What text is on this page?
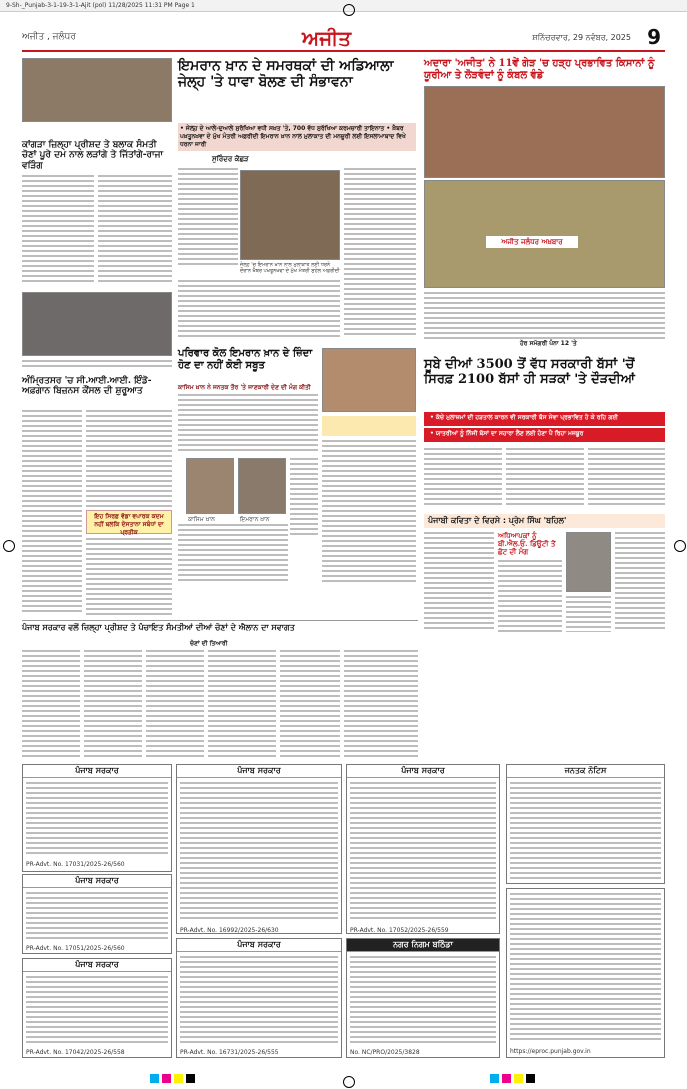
9-Sh-_Punjab-3-1-19-3-1-Ajit (pol) 11/28/2025 11:31 PM Page 1
ਅਜੀਤ , ਜਲੰਧਰ	ਅਜੀਤ	ਸ਼ਨਿੱਚਰਵਾਰ, 29 ਨਵੰਬਰ, 2025 9
ਕਾਂਗੜਾ ਜ਼ਿਲ੍ਹਾ ਪ੍ਰੀਸ਼ਦ ਤੇ ਬਲਾਕ ਸੰਮਤੀ ਚੋਣਾਂ ਪੂਰੇ ਦਮ ਨਾਲ ਲੜਾਂਗੇ ਤੇ ਜਿੱਤਾਂਗੇ-ਰਾਜਾ ਵੜਿੰਗ
ਅੰਮ੍ਰਿਤਸਰ 'ਚ ਸੀ.ਆਈ.ਆਈ. ਇੰਡੋ-ਅਫ਼ਗਾਨ ਬਿਜ਼ਨਸ ਕੌਂਸਲ ਦੀ ਸ਼ੁਰੂਆਤ
ਇਹ ਸਿਰਫ਼ ਵੱਡਾ ਵਪਾਰਕ ਕਦਮ ਨਹੀਂ ਬਲਕਿ ਦੋਸਤਾਨਾ ਸਬੰਧਾਂ ਦਾ ਪ੍ਰਤੀਕ
ਇਮਰਾਨ ਖ਼ਾਨ ਦੇ ਸਮਰਥਕਾਂ ਦੀ ਅਡਿਆਲਾ ਜੇਲ੍ਹ 'ਤੇ ਧਾਵਾ ਬੋਲਣ ਦੀ ਸੰਭਾਵਨਾ
• ਜੇਲ੍ਹ ਦੇ ਆਲੇ-ਦੁਆਲੇ ਸੁਰੱਖਿਆ ਵਧੀ ਸਖ਼ਤ 'ਤੇ, 700 ਵੱਧ ਸੁਰੱਖਿਆ ਕਰਮਚਾਰੀ ਤਾਇਨਾਤ • ਖ਼ੈਬਰ ਪਖ਼ਤੂਨਖ਼ਵਾ ਦੇ ਮੁੱਖ ਮੰਤਰੀ ਅਫ਼ਰੀਦੀ ਇਮਰਾਨ ਖ਼ਾਨ ਨਾਲ ਮੁਲਾਕਾਤ ਦੀ ਮਨਜ਼ੂਰੀ ਲਈ ਇਸਲਾਮਾਬਾਦ ਵਿਖੇ ਧਰਨਾ ਜਾਰੀ
ਸੁਰਿੰਦਰ ਕੋਛੜ
ਜੇਲ੍ਹ 'ਚ ਇਮਰਾਨ ਖ਼ਾਨ ਨਾਲ ਮੁਲਾਕਾਤ ਲਈ ਧਰਨੇ ਦੌਰਾਨ ਖ਼ੈਬਰ ਪਖ਼ਤੂਨਖ਼ਵਾ ਦੇ ਮੁੱਖ ਮੰਤਰੀ ਸੁਹੇਲ ਅਫ਼ਰੀਦੀ
ਪਰਿਵਾਰ ਕੋਲ ਇਮਰਾਨ ਖ਼ਾਨ ਦੇ ਜ਼ਿੰਦਾ ਹੋਣ ਦਾ ਨਹੀਂ ਕੋਈ ਸਬੂਤ
ਕਾਸਿਮ ਖ਼ਾਨ ਨੇ ਜਨਤਕ ਤੌਰ 'ਤੇ ਜਾਣਕਾਰੀ ਦੇਣ ਦੀ ਮੰਗ ਕੀਤੀ
ਕਾਸਿਮ ਖ਼ਾਨ	ਇਮਰਾਨ ਖ਼ਾਨ
ਅਦਾਰਾ 'ਅਜੀਤ' ਨੇ 11ਵੇਂ ਗੇੜ 'ਚ ਹੜ੍ਹ ਪ੍ਰਭਾਵਿਤ ਕਿਸਾਨਾਂ ਨੂੰ ਯੂਰੀਆ ਤੇ ਲੋੜਵੰਦਾਂ ਨੂੰ ਕੰਬਲ ਵੰਡੇ
ਅਜੀਤ ਜਲੰਧਰ ਅਖ਼ਬਾਰ
ਹੋਰ ਸਮੱਗਰੀ ਪੰਨਾ 12 'ਤੇ
ਸੂਬੇ ਦੀਆਂ 3500 ਤੋਂ ਵੱਧ ਸਰਕਾਰੀ ਬੱਸਾਂ 'ਚੋਂ ਸਿਰਫ਼ 2100 ਬੱਸਾਂ ਹੀ ਸੜਕਾਂ 'ਤੇ ਦੌੜਦੀਆਂ
• ਕੱਚੇ ਮੁਲਾਜ਼ਮਾਂ ਦੀ ਹੜਤਾਲ ਕਾਰਨ ਵੀ ਸਰਕਾਰੀ ਬੱਸ ਸੇਵਾ ਪ੍ਰਭਾਵਿਤ ਹੋ ਕੇ ਰਹਿ ਗਈ
• ਯਾਤਰੀਆਂ ਨੂੰ ਨਿੱਜੀ ਬੱਸਾਂ ਦਾ ਸਹਾਰਾ ਲੈਣ ਲਈ ਹੋਣਾ ਪੈ ਰਿਹਾ ਮਜਬੂਰ
ਪੰਜਾਬੀ ਕਵਿਤਾ ਦੇ ਵਿਰਸੇ : ਪ੍ਰੇਮ ਸਿੰਘ 'ਬਹਿਲ'
ਅਧਿਆਪਕਾਂ ਨੂੰ ਬੀ.ਐਲ.ਓ. ਡਿਊਟੀ ਤੋਂ ਛੋਟ ਦੀ ਮੰਗ
ਪੰਜਾਬ ਸਰਕਾਰ ਵਲੋਂ ਜ਼ਿਲ੍ਹਾ ਪ੍ਰੀਸ਼ਦ ਤੇ ਪੰਚਾਇਤ ਸੰਮਤੀਆਂ ਦੀਆਂ ਚੋਣਾਂ ਦੇ ਐਲਾਨ ਦਾ ਸਵਾਗਤ
ਚੋਣਾਂ ਦੀ ਤਿਆਰੀ
ਪੰਜਾਬ ਸਰਕਾਰ
PR-Advt. No. 17031/2025-26/560
ਪੰਜਾਬ ਸਰਕਾਰ
PR-Advt. No. 17051/2025-26/560
ਪੰਜਾਬ ਸਰਕਾਰ
PR-Advt. No. 17042/2025-26/558
ਪੰਜਾਬ ਸਰਕਾਰ
PR-Advt. No. 16992/2025-26/630
ਪੰਜਾਬ ਸਰਕਾਰ
PR-Advt. No. 16731/2025-26/555
ਪੰਜਾਬ ਸਰਕਾਰ
PR-Advt. No. 17052/2025-26/559
ਨਗਰ ਨਿਗਮ ਬਠਿੰਡਾ
No. NC/PRO/2025/3828
ਜਨਤਕ ਨੋਟਿਸ
https://eproc.punjab.gov.in
